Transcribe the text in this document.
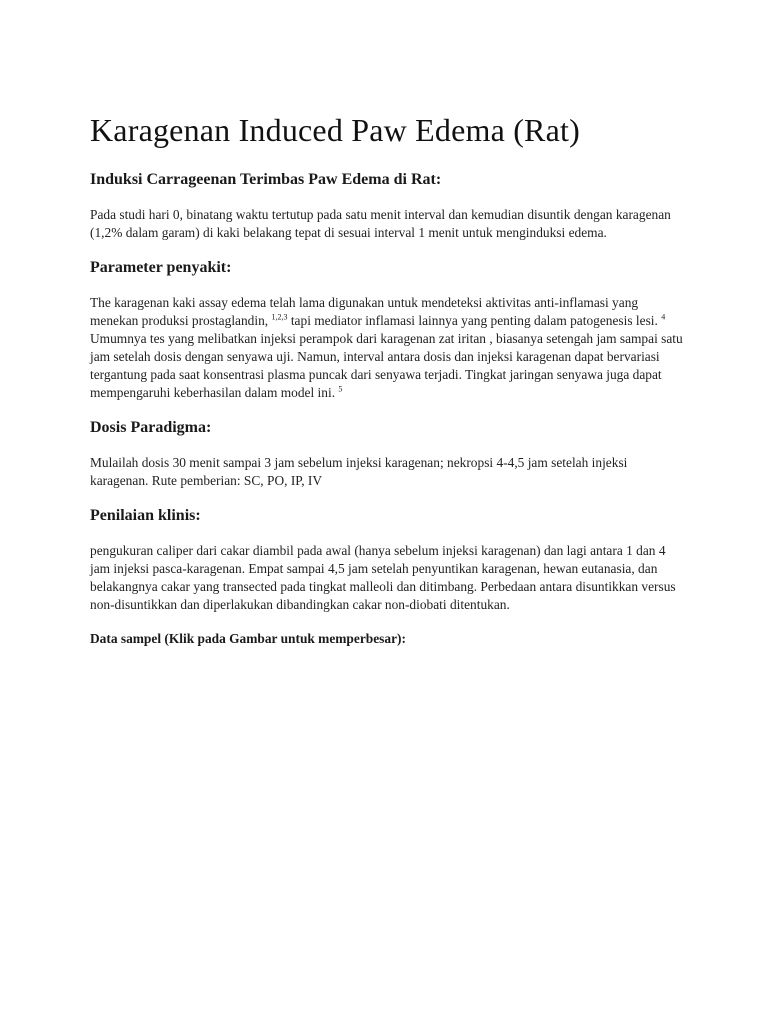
Karagenan Induced Paw Edema (Rat)
Induksi Carrageenan Terimbas Paw Edema di Rat:

Pada studi hari 0, binatang waktu tertutup pada satu menit interval dan kemudian disuntik dengan karagenan (1,2% dalam garam) di kaki belakang tepat di sesuai interval 1 menit untuk menginduksi edema.

Parameter penyakit:

The karagenan kaki assay edema telah lama digunakan untuk mendeteksi aktivitas anti-inflamasi yang menekan produksi prostaglandin, $^{1,2,3}$ tapi mediator inflamasi lainnya yang penting dalam patogenesis lesi. $^4$ Umumnya tes yang melibatkan injeksi perampok dari karagenan zat iritan , biasanya setengah jam sampai satu jam setelah dosis dengan senyawa uji. Namun, interval antara dosis dan injeksi karagenan dapat bervariasi tergantung pada saat konsentrasi plasma puncak dari senyawa terjadi. Tingkat jaringan senyawa juga dapat mempengaruhi keberhasilan dalam model ini. $^5$

Dosis Paradigma:

Mulailah dosis 30 menit sampai 3 jam sebelum injeksi karagenan; nekropsi 4-4,5 jam setelah injeksi karagenan. Rute pemberian: SC, PO, IP, IV

Penilaian klinis:

pengukuran caliper dari cakar diambil pada awal (hanya sebelum injeksi karagenan) dan lagi antara 1 dan 4 jam injeksi pasca-karagenan. Empat sampai 4,5 jam setelah penyuntikan karagenan, hewan eutanasia, dan belakangnya cakar yang transected pada tingkat malleoli dan ditimbang. Perbedaan antara disuntikkan versus non-disuntikkan dan diperlakukan dibandingkan cakar non-diobati ditentukan.

Data sampel (Klik pada Gambar untuk memperbesar):
